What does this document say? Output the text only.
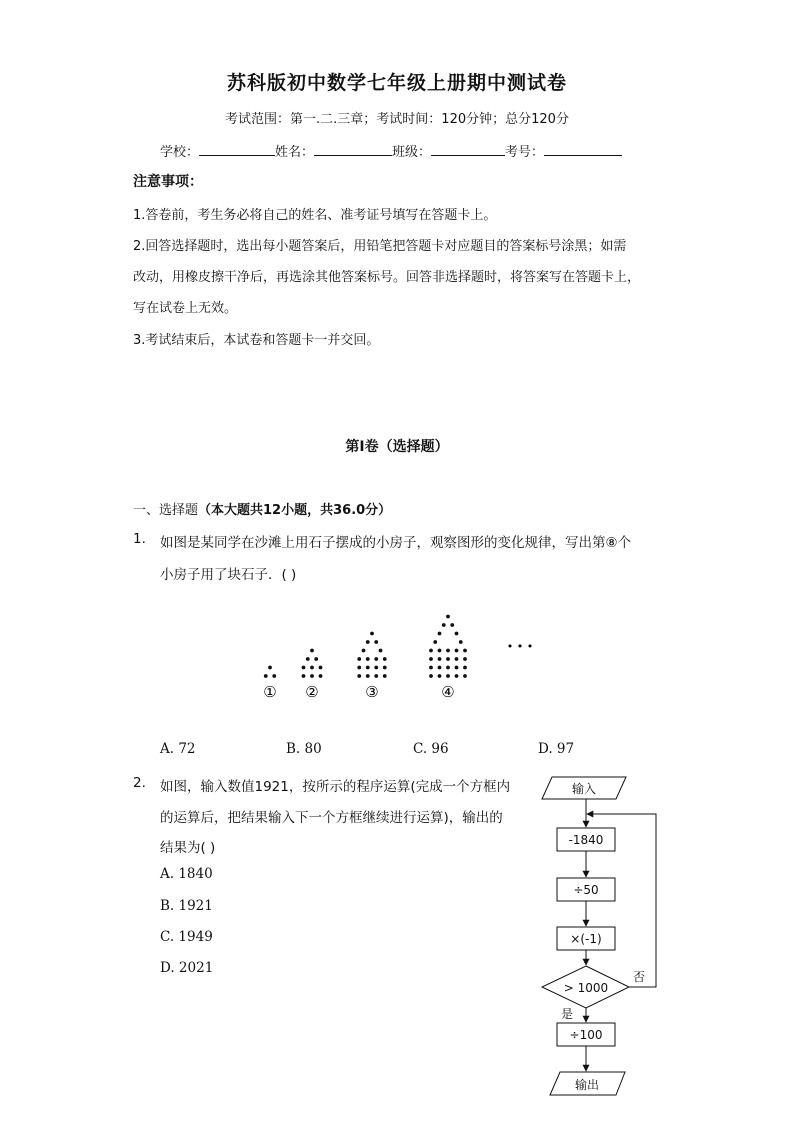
苏科版初中数学七年级上册期中测试卷
考试范围：第一.二.三章；考试时间：120分钟；总分120分
学校：	姓名：	班级：	考号：
注意事项：
1.答卷前，考生务必将自己的姓名、准考证号填写在答题卡上。
2.回答选择题时，选出每小题答案后，用铅笔把答题卡对应题目的答案标号涂黑；如需
改动，用橡皮擦干净后，再选涂其他答案标号。回答非选择题时，将答案写在答题卡上，
写在试卷上无效。
3.考试结束后，本试卷和答题卡一并交回。
第I卷（选择题）
一、选择题（本大题共12小题，共36.0分）
1. 如图是某同学在沙滩上用石子摆成的小房子，观察图形的变化规律，写出第⑧个
小房子用了块石子．( )
① ②	③	④
• • •
A. 72	B. 80	C. 96	D. 97
2. 如图，输入数值1921，按所示的程序运算(完成一个方框内
的运算后，把结果输入下一个方框继续进行运算)，输出的
结果为( )
A. 1840
B. 1921
C. 1949
D. 2021
输入
-1840
÷50
×(-1)
> 1000
否
是
÷100
输出
